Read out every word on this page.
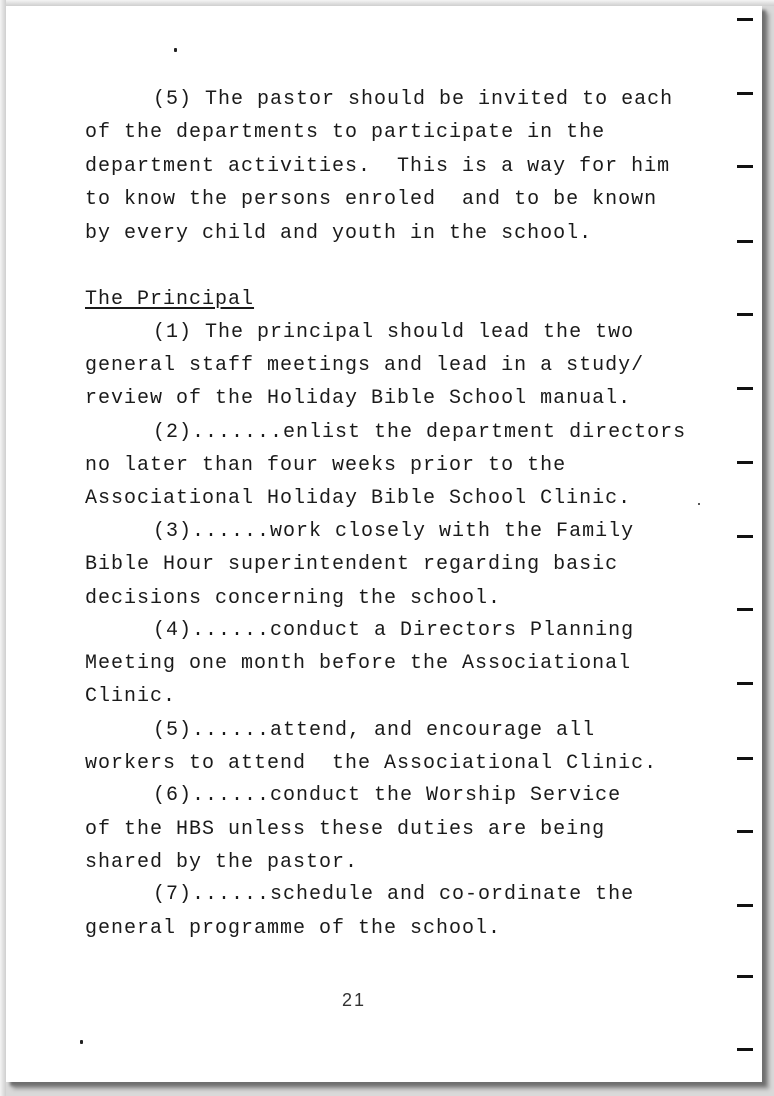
(5) The pastor should be invited to each

of the departments to participate in the

department activities.  This is a way for him

to know the persons enroled  and to be known

by every child and youth in the school.

The Principal

(1) The principal should lead the two

general staff meetings and lead in a study/

review of the Holiday Bible School manual.

(2).......enlist the department directors

no later than four weeks prior to the

Associational Holiday Bible School Clinic.

(3)......work closely with the Family

Bible Hour superintendent regarding basic

decisions concerning the school.

(4)......conduct a Directors Planning

Meeting one month before the Associational

Clinic.

(5)......attend, and encourage all

workers to attend  the Associational Clinic.

(6)......conduct the Worship Service

of the HBS unless these duties are being

shared by the pastor.

(7)......schedule and co-ordinate the

general programme of the school.

21
